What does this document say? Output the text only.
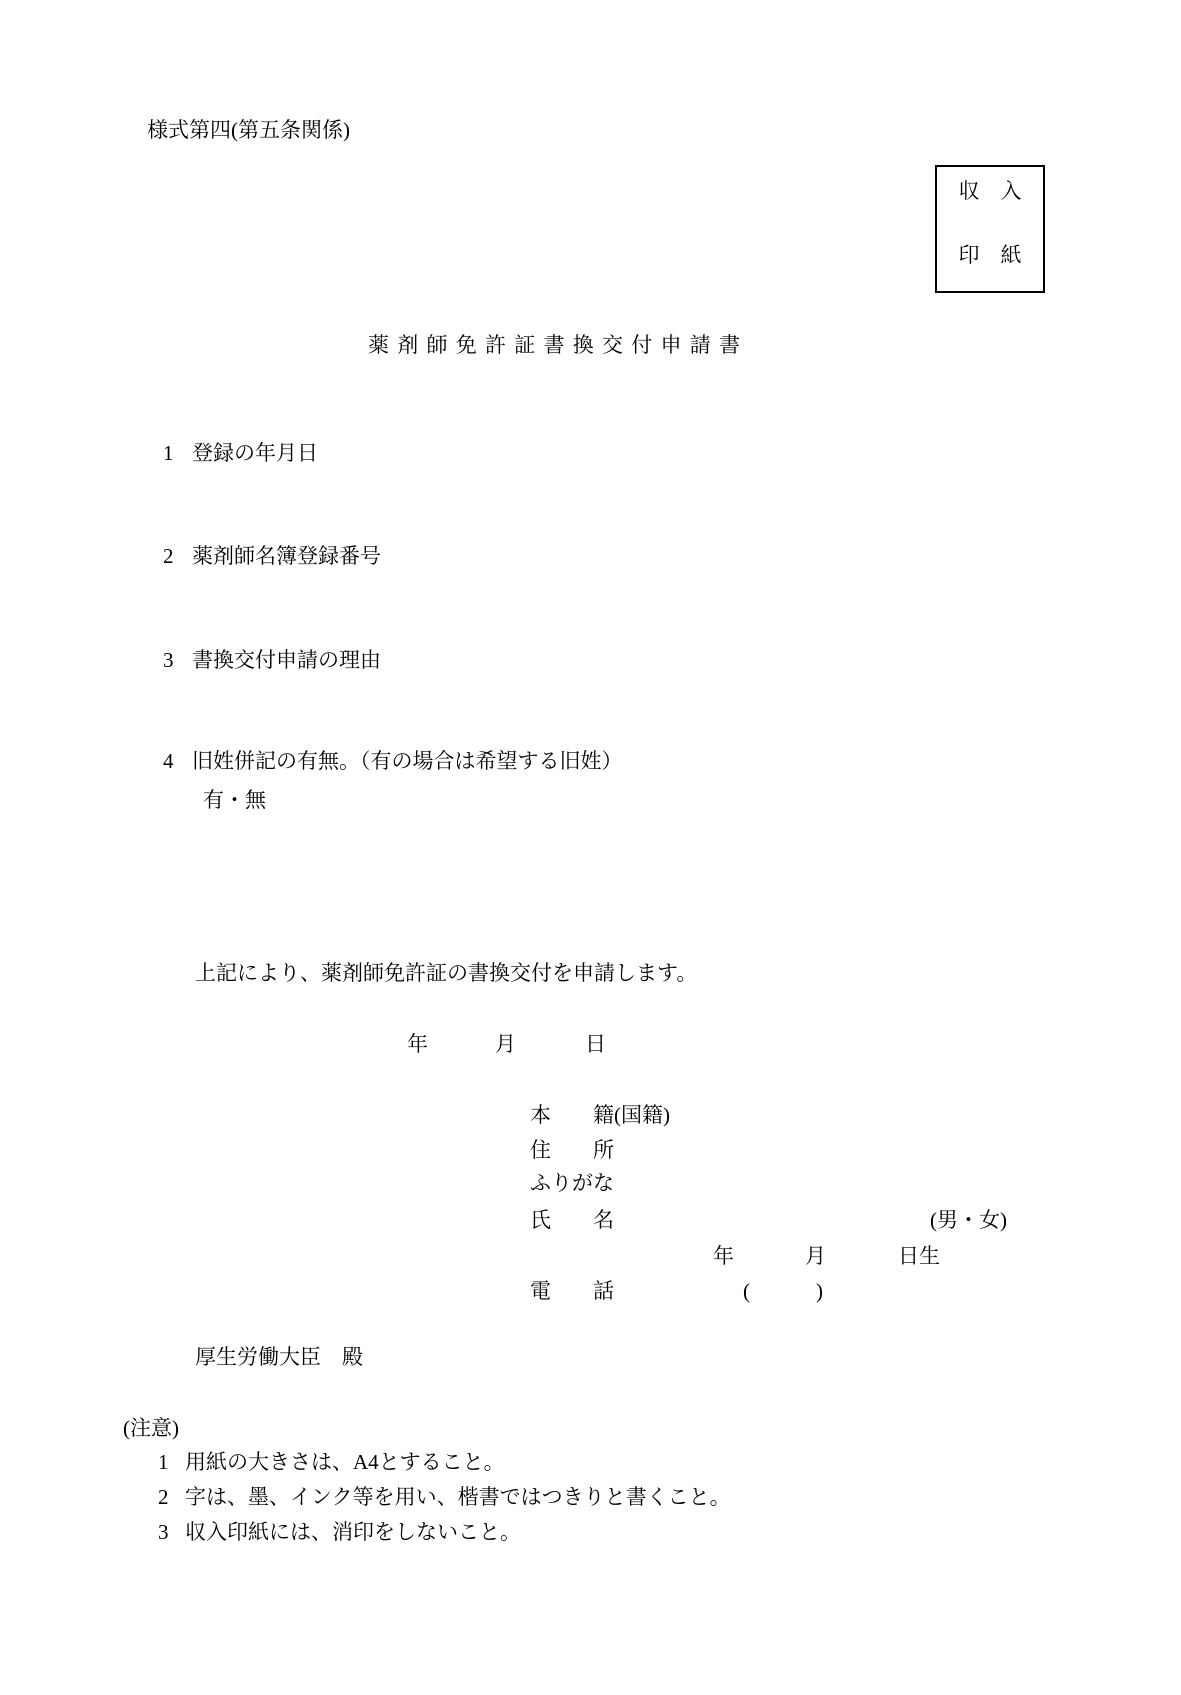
様式第四(第五条関係)
収　入
印　紙
薬 剤 師 免 許 証 書 換 交 付 申 請 書
1 登録の年月日
2 薬剤師名簿登録番号
3 書換交付申請の理由
4 旧姓併記の有無。（有の場合は希望する旧姓）
有・無
上記により、薬剤師免許証の書換交付を申請します。
年	月	日
本　　籍(国籍)
住　　所
ふりがな
氏　　名	(男・女)
年	月	日生
電　　話	(	)
厚生労働大臣　殿
(注意)
1 用紙の大きさは、A4とすること。
2 字は、墨、インク等を用い、楷書ではつきりと書くこと。
3 収入印紙には、消印をしないこと。
